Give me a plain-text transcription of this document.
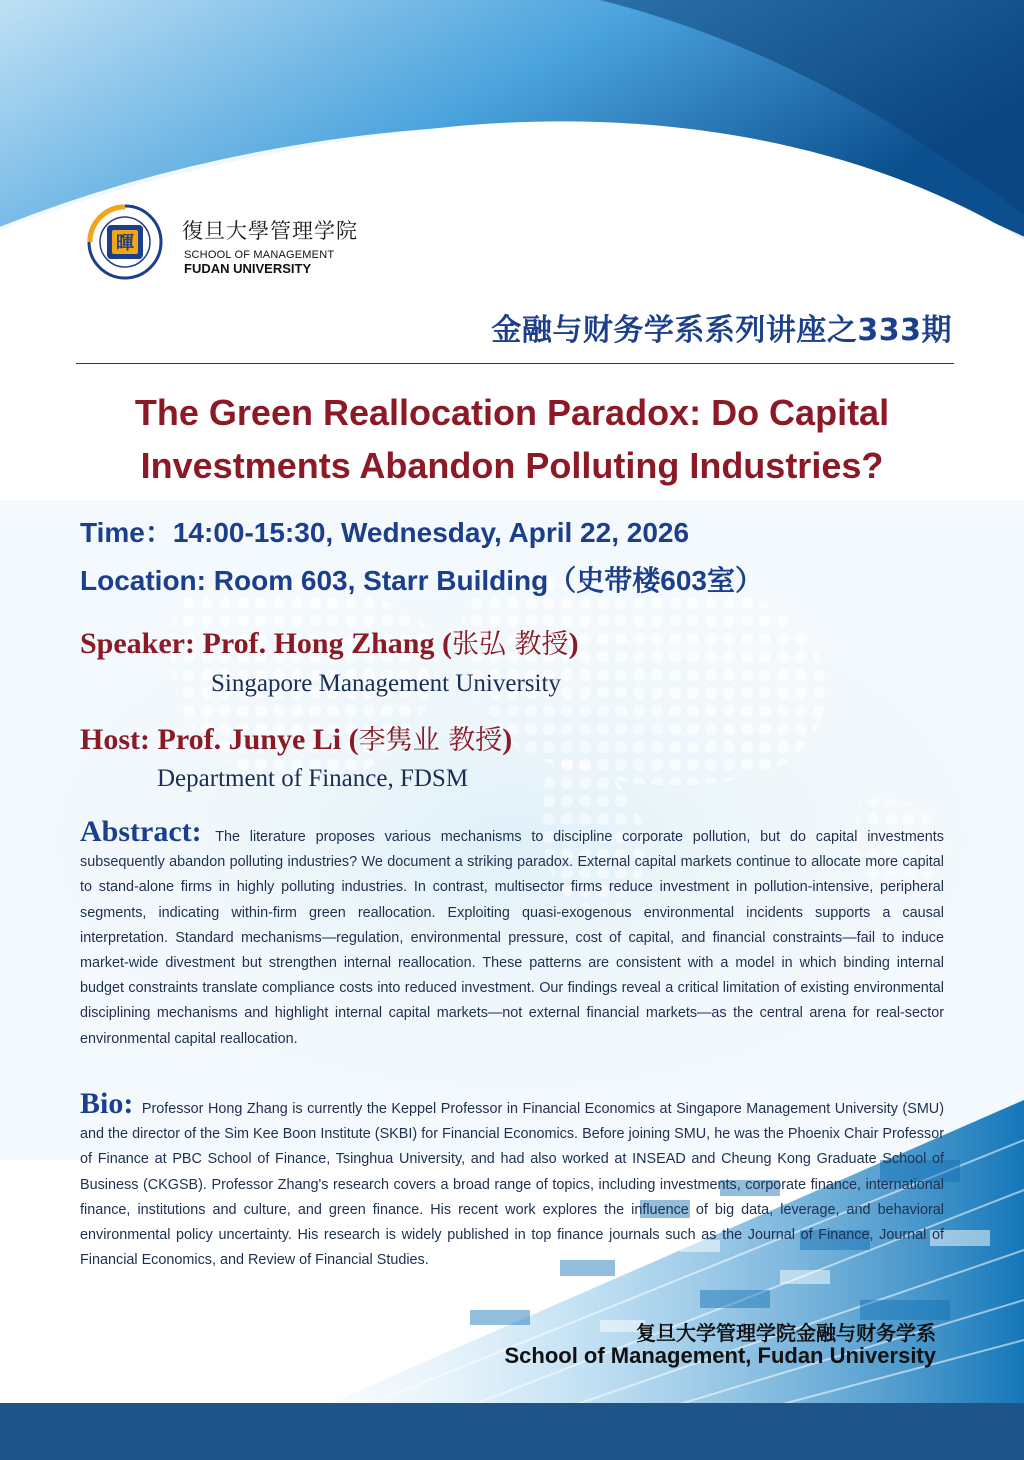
暉
復旦大學管理学院
SCHOOL OF MANAGEMENT
FUDAN UNIVERSITY
金融与财务学系系列讲座之333期
The Green Reallocation Paradox: Do Capital Investments Abandon Polluting Industries?
Time：14:00-15:30, Wednesday, April 22, 2026
Location: Room 603, Starr Building（史带楼603室）
Speaker: Prof. Hong Zhang (张弘 教授)
Singapore Management University
Host: Prof. Junye Li (李隽业 教授)
Department of Finance, FDSM
Abstract: The literature proposes various mechanisms to discipline corporate pollution, but do capital investments subsequently abandon polluting industries? We document a striking paradox. External capital markets continue to allocate more capital to stand-alone firms in highly polluting industries. In contrast, multisector firms reduce investment in pollution-intensive, peripheral segments, indicating within-firm green reallocation. Exploiting quasi-exogenous environmental incidents supports a causal interpretation. Standard mechanisms—regulation, environmental pressure, cost of capital, and financial constraints—fail to induce market-wide divestment but strengthen internal reallocation. These patterns are consistent with a model in which binding internal budget constraints translate compliance costs into reduced investment. Our findings reveal a critical limitation of existing environmental disciplining mechanisms and highlight internal capital markets—not external financial markets—as the central arena for real-sector environmental capital reallocation.
Bio: Professor Hong Zhang is currently the Keppel Professor in Financial Economics at Singapore Management University (SMU) and the director of the Sim Kee Boon Institute (SKBI) for Financial Economics. Before joining SMU, he was the Phoenix Chair Professor of Finance at PBC School of Finance, Tsinghua University, and had also worked at INSEAD and Cheung Kong Graduate School of Business (CKGSB). Professor Zhang's research covers a broad range of topics, including investments, corporate finance, international finance, institutions and culture, and green finance. His recent work explores the influence of big data, leverage, and behavioral environmental policy uncertainty. His research is widely published in top finance journals such as the Journal of Finance, Journal of Financial Economics, and Review of Financial Studies.
复旦大学管理学院金融与财务学系
School of Management, Fudan University
